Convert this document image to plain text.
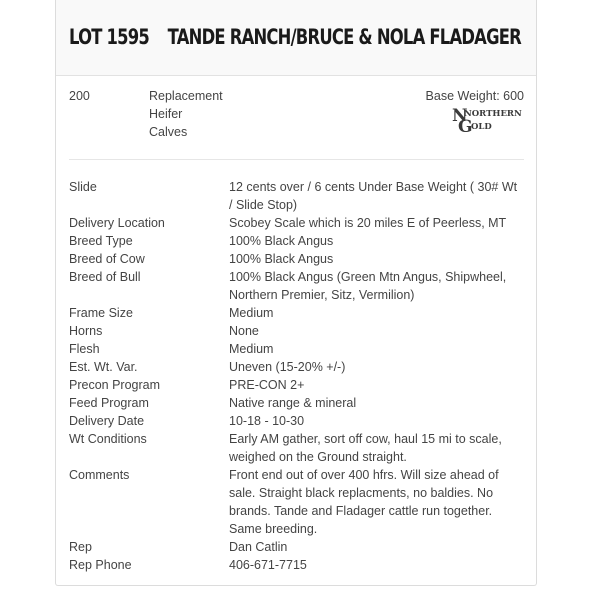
LOT 1595 TANDE RANCH/BRUCE & NOLA FLADAGER
200	Replacement
Heifer
Calves
Base Weight: 600
N
NORTHERN
G
OLD
Slide	12 cents over / 6 cents Under Base Weight ( 30# Wt / Slide Stop)
Delivery Location	Scobey Scale which is 20 miles E of Peerless, MT
Breed Type	100% Black Angus
Breed of Cow	100% Black Angus
Breed of Bull	100% Black Angus (Green Mtn Angus, Shipwheel, Northern Premier, Sitz, Vermilion)
Frame Size	Medium
Horns	None
Flesh	Medium
Est. Wt. Var.	Uneven (15-20% +/-)
Precon Program	PRE-CON 2+
Feed Program	Native range & mineral
Delivery Date	10-18 - 10-30
Wt Conditions	Early AM gather, sort off cow, haul 15 mi to scale, weighed on the Ground straight.
Comments	Front end out of over 400 hfrs. Will size ahead of sale. Straight black replacments, no baldies. No brands. Tande and Fladager cattle run together. Same breeding.
Rep	Dan Catlin
Rep Phone	406-671-7715
